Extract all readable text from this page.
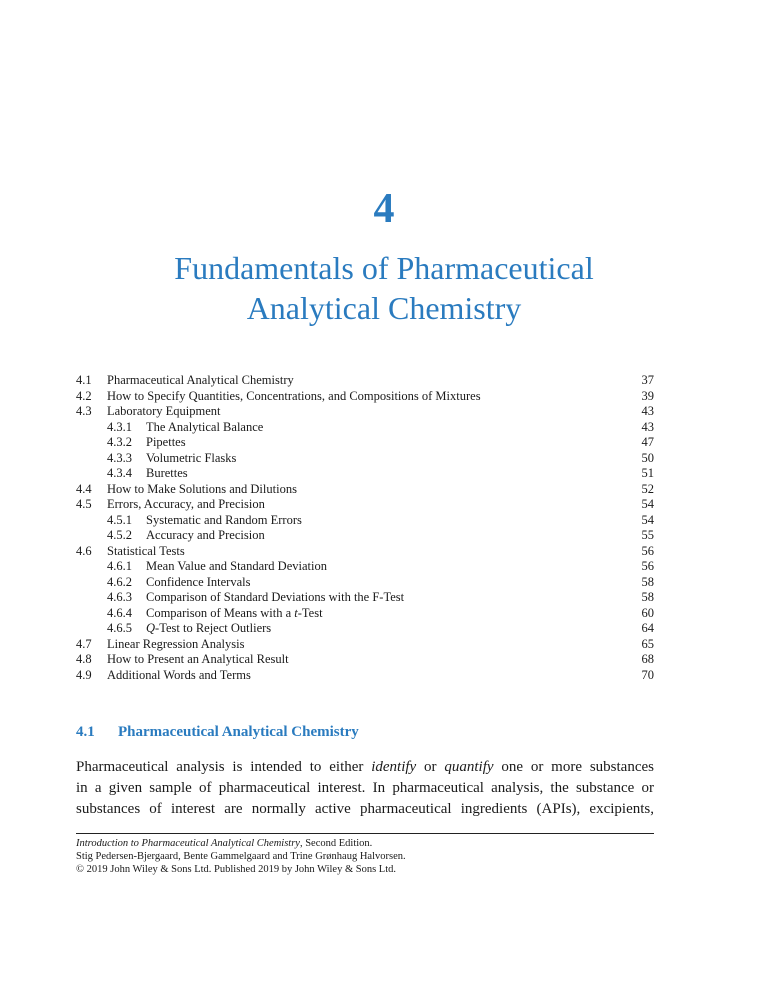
4
Fundamentals of Pharmaceutical
Analytical Chemistry
4.1 Pharmaceutical Analytical Chemistry	37
4.2 How to Specify Quantities, Concentrations, and Compositions of Mixtures	39
4.3 Laboratory Equipment	43
4.3.1 The Analytical Balance	43
4.3.2 Pipettes	47
4.3.3 Volumetric Flasks	50
4.3.4 Burettes	51
4.4 How to Make Solutions and Dilutions	52
4.5 Errors, Accuracy, and Precision	54
4.5.1 Systematic and Random Errors	54
4.5.2 Accuracy and Precision	55
4.6 Statistical Tests	56
4.6.1 Mean Value and Standard Deviation	56
4.6.2 Confidence Intervals	58
4.6.3 Comparison of Standard Deviations with the F-Test	58
4.6.4 Comparison of Means with a t-Test	60
4.6.5 Q-Test to Reject Outliers	64
4.7 Linear Regression Analysis	65
4.8 How to Present an Analytical Result	68
4.9 Additional Words and Terms	70
4.1 Pharmaceutical Analytical Chemistry
Pharmaceutical analysis is intended to either identify or quantify one or more substances
in a given sample of pharmaceutical interest. In pharmaceutical analysis, the substance or
substances of interest are normally active pharmaceutical ingredients (APIs), excipients,
Introduction to Pharmaceutical Analytical Chemistry, Second Edition.
Stig Pedersen-Bjergaard, Bente Gammelgaard and Trine Grønhaug Halvorsen.
© 2019 John Wiley & Sons Ltd. Published 2019 by John Wiley & Sons Ltd.
